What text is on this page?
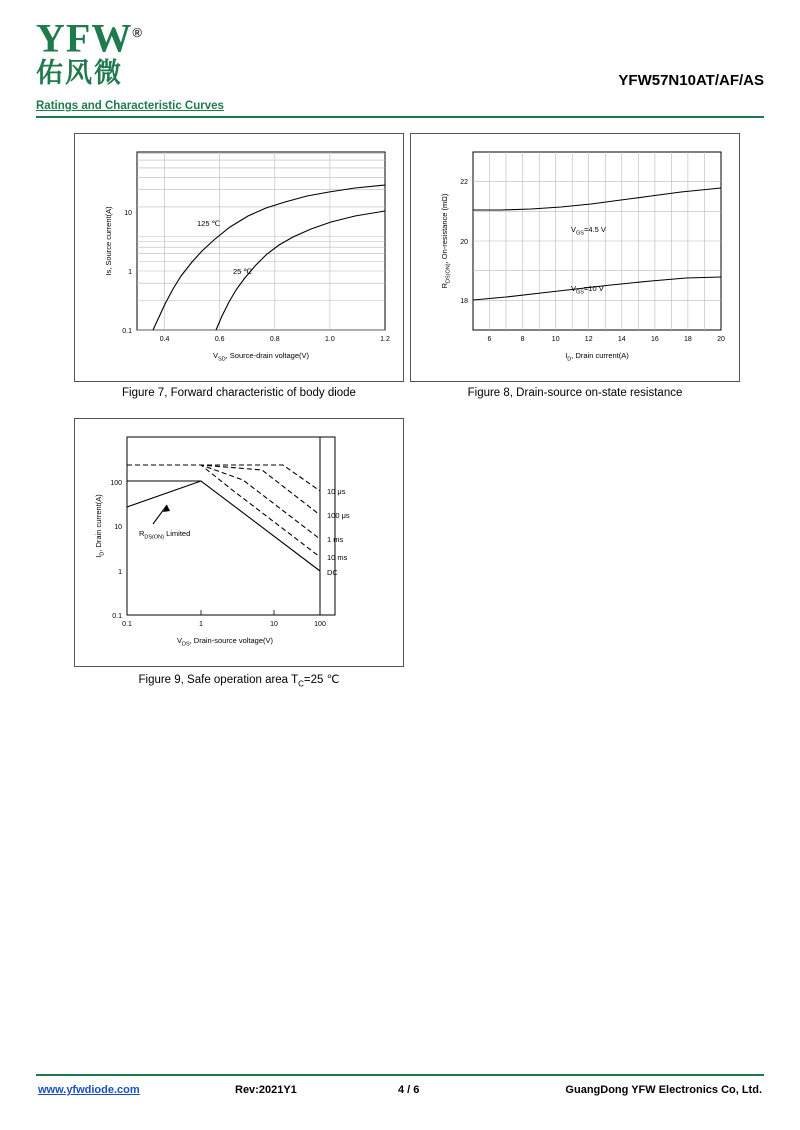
YFW®
佑风微	YFW57N10AT/AF/AS
Ratings and Characteristic Curves
125 ℃
25 ℃
0.4	0.6	0.8	1.0	1.2
0.1
1
10
$V_{SD}$, Source-drain voltage(V)
Is, Source current(A)
Figure 7, Forward characteristic of body diode
$V_{GS}=4.5$ V
$V_{GS}=10$ V
6	8	10	12	14	16	18	20
22
20
18
$I_D$, Drain current(A)
$R_{DS(ON)}$, On-resistance (mΩ)
Figure 8, Drain-source on-state resistance
$R_{DS(ON)}$ Limited
10 μs
100 μs
1 ms
10 ms
DC
0.1	1	10	100
0.1
1
10
100
$V_{DS}$, Drain-source voltage(V)
$I_D$, Drain current(A)
Figure 9, Safe operation area $T_C=25$ ℃
www.yfwdiode.com	Rev:2021Y1	4 / 6	GuangDong YFW Electronics Co, Ltd.
